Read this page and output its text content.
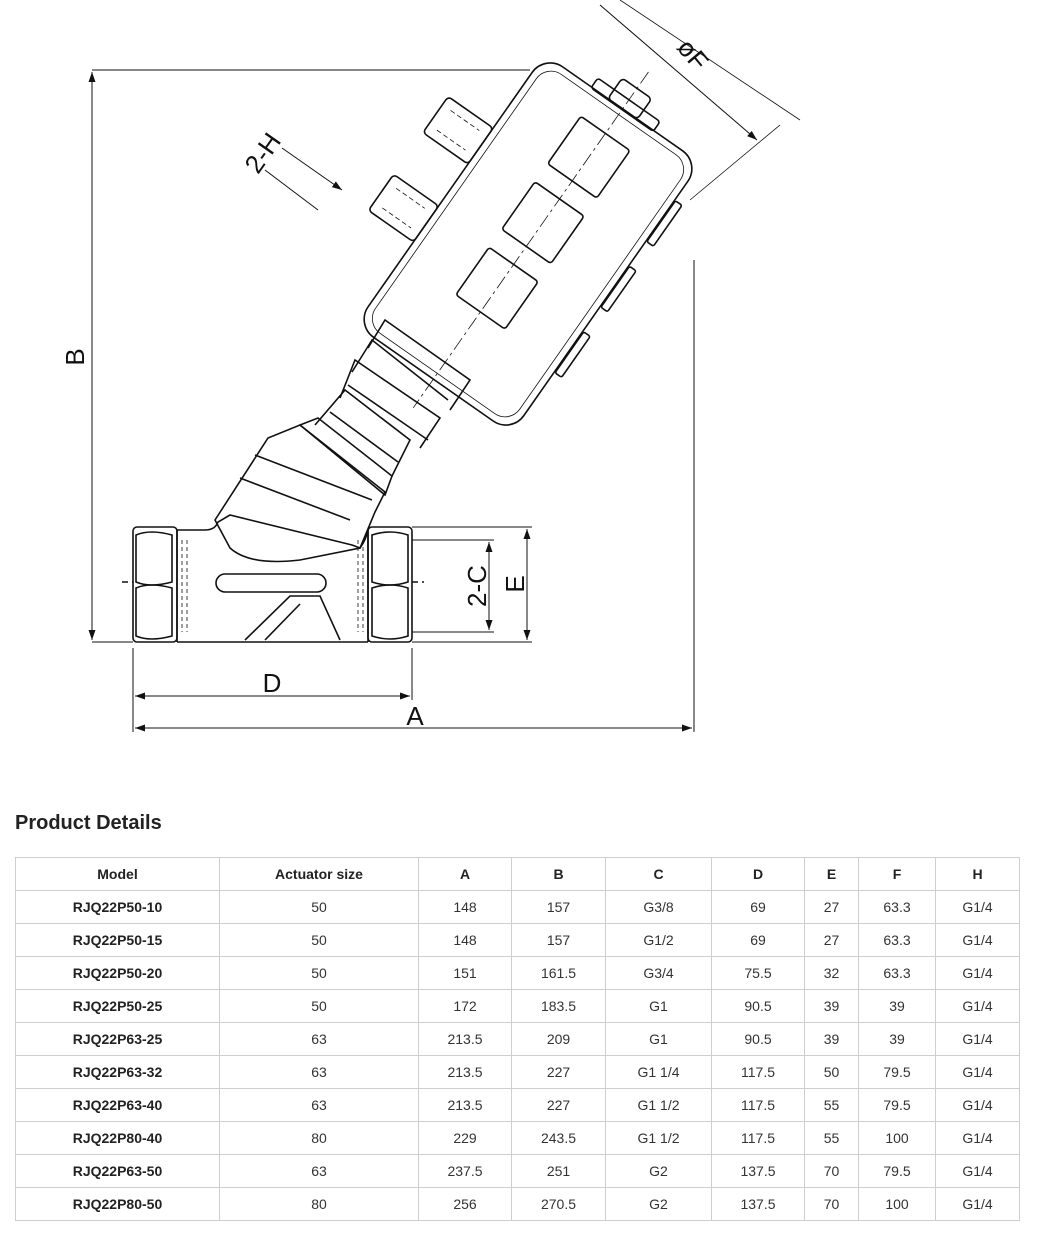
B
D
A
E
2-C
øF
2-H
Product Details
Model	Actuator size	A	B	C	D	E	F	H
RJQ22P50-10	50	148	157	G3/8	69	27	63.3	G1/4
RJQ22P50-15	50	148	157	G1/2	69	27	63.3	G1/4
RJQ22P50-20	50	151	161.5	G3/4	75.5	32	63.3	G1/4
RJQ22P50-25	50	172	183.5	G1	90.5	39	39	G1/4
RJQ22P63-25	63	213.5	209	G1	90.5	39	39	G1/4
RJQ22P63-32	63	213.5	227	G1 1/4	117.5	50	79.5	G1/4
RJQ22P63-40	63	213.5	227	G1 1/2	117.5	55	79.5	G1/4
RJQ22P80-40	80	229	243.5	G1 1/2	117.5	55	100	G1/4
RJQ22P63-50	63	237.5	251	G2	137.5	70	79.5	G1/4
RJQ22P80-50	80	256	270.5	G2	137.5	70	100	G1/4
